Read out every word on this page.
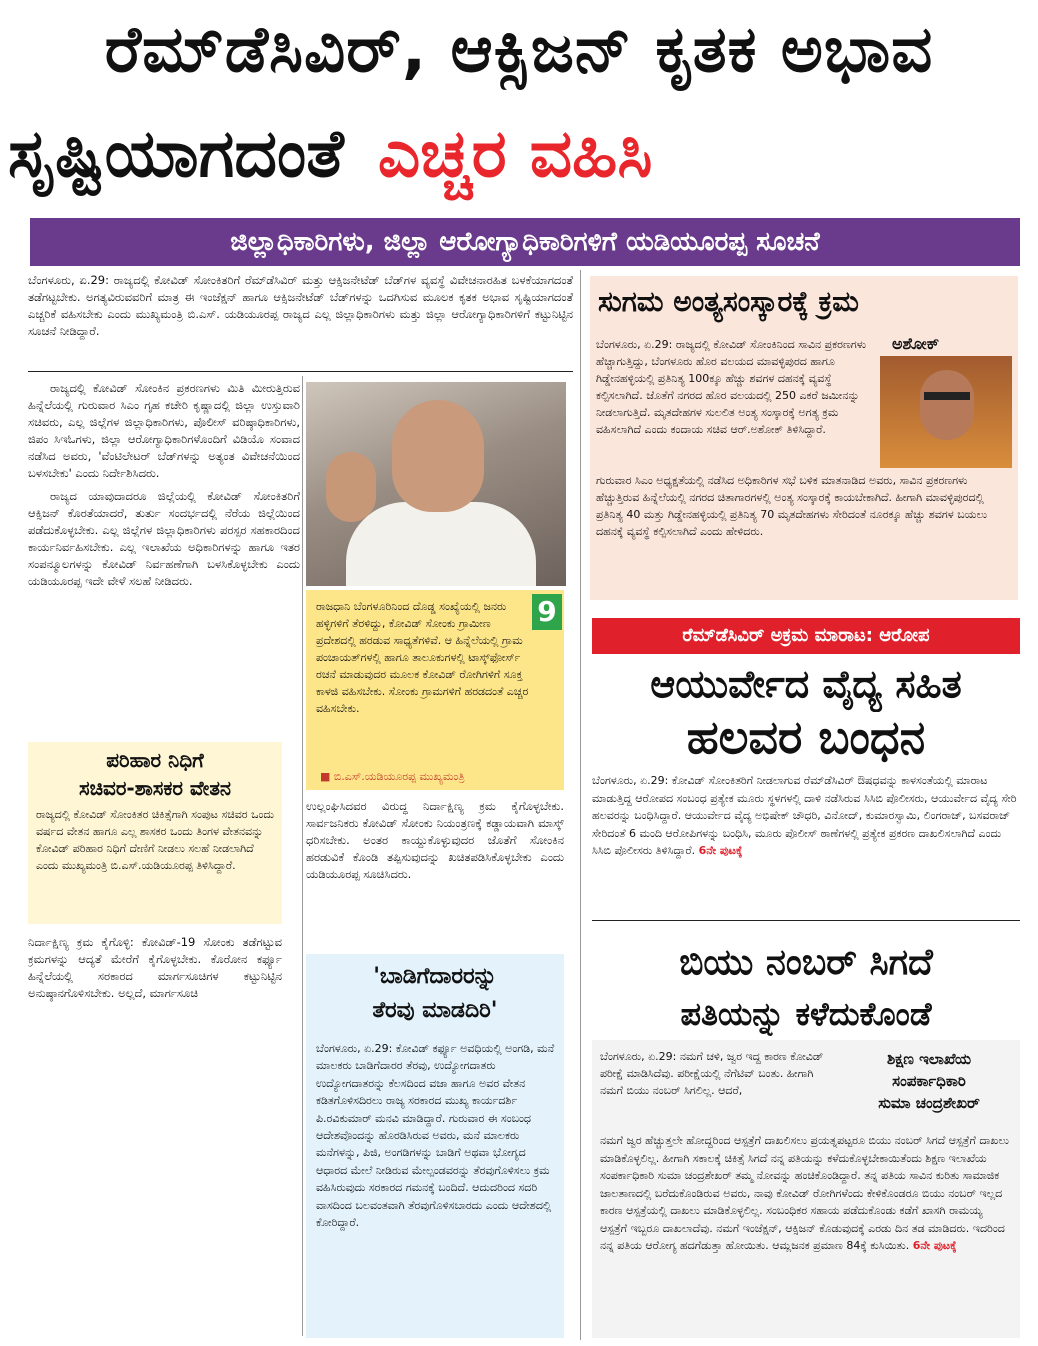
ರೆಮ್‌ಡೆಸಿವಿರ್, ಆಕ್ಸಿಜನ್ ಕೃತಕ ಅಭಾವ
ಸೃಷ್ಟಿಯಾಗದಂತೆ ಎಚ್ಚರ ವಹಿಸಿ
ಜಿಲ್ಲಾಧಿಕಾರಿಗಳು, ಜಿಲ್ಲಾ ಆರೋಗ್ಯಾಧಿಕಾರಿಗಳಿಗೆ ಯಡಿಯೂರಪ್ಪ ಸೂಚನೆ
ಬೆಂಗಳೂರು, ಏ.29: ರಾಜ್ಯದಲ್ಲಿ ಕೋವಿಡ್ ಸೋಂಕಿತರಿಗೆ ರೆಮ್‌ಡೆಸಿವಿರ್ ಮತ್ತು ಆಕ್ಸಿಜನೇಟೆಡ್ ಬೆಡ್‌ಗಳ ವ್ಯವಸ್ಥೆ ವಿವೇಚನಾರಹಿತ ಬಳಕೆಯಾಗದಂತೆ ತಡೆಗಟ್ಟಬೇಕು. ಅಗತ್ಯವಿರುವವರಿಗೆ ಮಾತ್ರ ಈ ಇಂಜೆಕ್ಷನ್ ಹಾಗೂ ಆಕ್ಸಿಜನೇಟೆಡ್ ಬೆಡ್‌ಗಳನ್ನು ಒದಗಿಸುವ ಮೂಲಕ ಕೃತಕ ಅಭಾವ ಸೃಷ್ಟಿಯಾಗದಂತೆ ಎಚ್ಚರಿಕೆ ವಹಿಸಬೇಕು ಎಂದು ಮುಖ್ಯಮಂತ್ರಿ ಬಿ.ಎಸ್. ಯಡಿಯೂರಪ್ಪ ರಾಜ್ಯದ ಎಲ್ಲ ಜಿಲ್ಲಾಧಿಕಾರಿಗಳು ಮತ್ತು ಜಿಲ್ಲಾ ಆರೋಗ್ಯಾಧಿಕಾರಿಗಳಿಗೆ ಕಟ್ಟುನಿಟ್ಟಿನ ಸೂಚನೆ ನೀಡಿದ್ದಾರೆ.

ರಾಜ್ಯದಲ್ಲಿ ಕೋವಿಡ್ ಸೋಂಕಿನ ಪ್ರಕರಣಗಳು ಮಿತಿ ಮೀರುತ್ತಿರುವ ಹಿನ್ನೆಲೆಯಲ್ಲಿ ಗುರುವಾರ ಸಿಎಂ ಗೃಹ ಕಚೇರಿ ಕೃಷ್ಣಾದಲ್ಲಿ ಜಿಲ್ಲಾ ಉಸ್ತುವಾರಿ ಸಚಿವರು, ಎಲ್ಲ ಜಿಲ್ಲೆಗಳ ಜಿಲ್ಲಾಧಿಕಾರಿಗಳು, ಪೊಲೀಸ್ ವರಿಷ್ಠಾಧಿಕಾರಿಗಳು, ಜಿಪಂ ಸಿಇಓಗಳು, ಜಿಲ್ಲಾ ಆರೋಗ್ಯಾಧಿಕಾರಿಗಳೊಂದಿಗೆ ವಿಡಿಯೊ ಸಂವಾದ ನಡೆಸಿದ ಅವರು, 'ವೆಂಟಿಲೇಟರ್ ಬೆಡ್‌ಗಳನ್ನು ಅತ್ಯಂತ ವಿವೇಚನೆಯಿಂದ ಬಳಸಬೇಕು' ಎಂದು ನಿರ್ದೇಶಿಸಿದರು.

ರಾಜ್ಯದ ಯಾವುದಾದರೂ ಜಿಲ್ಲೆಯಲ್ಲಿ ಕೋವಿಡ್ ಸೋಂಕಿತರಿಗೆ ಆಕ್ಸಿಜನ್ ಕೊರತೆಯಾದರೆ, ತುರ್ತು ಸಂದರ್ಭದಲ್ಲಿ ನೆರೆಯ ಜಿಲ್ಲೆಯಿಂದ ಪಡೆದುಕೊಳ್ಳಬೇಕು. ಎಲ್ಲ ಜಿಲ್ಲೆಗಳ ಜಿಲ್ಲಾಧಿಕಾರಿಗಳು ಪರಸ್ಪರ ಸಹಕಾರದಿಂದ ಕಾರ್ಯನಿರ್ವಹಿಸಬೇಕು. ಎಲ್ಲ ಇಲಾಖೆಯ ಅಧಿಕಾರಿಗಳನ್ನು ಹಾಗೂ ಇತರ ಸಂಪನ್ಮೂಲಗಳನ್ನು ಕೋವಿಡ್ ನಿರ್ವಹಣೆಗಾಗಿ ಬಳಸಿಕೊಳ್ಳಬೇಕು ಎಂದು ಯಡಿಯೂರಪ್ಪ ಇದೇ ವೇಳೆ ಸಲಹೆ ನೀಡಿದರು.

9
ರಾಜಧಾನಿ ಬೆಂಗಳೂರಿನಿಂದ ದೊಡ್ಡ ಸಂಖ್ಯೆಯಲ್ಲಿ ಜನರು ಹಳ್ಳಿಗಳಿಗೆ ತೆರಳಿದ್ದು, ಕೋವಿಡ್ ಸೋಂಕು ಗ್ರಾಮೀಣ ಪ್ರದೇಶದಲ್ಲಿ ಹರಡುವ ಸಾಧ್ಯತೆಗಳಿವೆ. ಆ ಹಿನ್ನೆಲೆಯಲ್ಲಿ ಗ್ರಾಮ ಪಂಚಾಯತ್‌ಗಳಲ್ಲಿ ಹಾಗೂ ತಾಲೂಕುಗಳಲ್ಲಿ ಟಾಸ್ಕ್‌ಫೋರ್ಸ್ ರಚನೆ ಮಾಡುವುದರ ಮೂಲಕ ಕೋವಿಡ್ ರೋಗಿಗಳಿಗೆ ಸೂಕ್ತ ಕಾಳಜಿ ವಹಿಸಬೇಕು. ಸೋಂಕು ಗ್ರಾಮಗಳಿಗೆ ಹರಡದಂತೆ ಎಚ್ಚರ ವಹಿಸಬೇಕು.
■ ಬಿ.ಎಸ್.ಯಡಿಯೂರಪ್ಪ ಮುಖ್ಯಮಂತ್ರಿ
ಉಲ್ಲಂಘಿಸಿದವರ ವಿರುದ್ಧ ನಿರ್ದಾಕ್ಷಿಣ್ಯ ಕ್ರಮ ಕೈಗೊಳ್ಳಬೇಕು. ಸಾರ್ವಜನಿಕರು ಕೋವಿಡ್ ಸೋಂಕು ನಿಯಂತ್ರಣಕ್ಕೆ ಕಡ್ಡಾಯವಾಗಿ ಮಾಸ್ಕ್ ಧರಿಸಬೇಕು. ಅಂತರ ಕಾಯ್ದುಕೊಳ್ಳುವುದರ ಜೊತೆಗೆ ಸೋಂಕಿನ ಹರಡುವಿಕೆ ಕೊಂಡಿ ತಪ್ಪಿಸುವುದನ್ನು ಖಚಿತಪಡಿಸಿಕೊಳ್ಳಬೇಕು ಎಂದು ಯಡಿಯೂರಪ್ಪ ಸೂಚಿಸಿದರು.
ಪರಿಹಾರ ನಿಧಿಗೆ
ಸಚಿವರ-ಶಾಸಕರ ವೇತನ
ರಾಜ್ಯದಲ್ಲಿ ಕೋವಿಡ್ ಸೋಂಕಿತರ ಚಿಕಿತ್ಸೆಗಾಗಿ ಸಂಪುಟ ಸಚಿವರ ಒಂದು ವರ್ಷದ ವೇತನ ಹಾಗೂ ಎಲ್ಲ ಶಾಸಕರ ಒಂದು ತಿಂಗಳ ವೇತನವನ್ನು ಕೋವಿಡ್ ಪರಿಹಾರ ನಿಧಿಗೆ ದೇಣಿಗೆ ನೀಡಲು ಸಲಹೆ ನೀಡಲಾಗಿದೆ ಎಂದು ಮುಖ್ಯಮಂತ್ರಿ ಬಿ.ಎಸ್.ಯಡಿಯೂರಪ್ಪ ತಿಳಿಸಿದ್ದಾರೆ.
ನಿರ್ದಾಕ್ಷಿಣ್ಯ ಕ್ರಮ ಕೈಗೊಳ್ಳಿ: ಕೋವಿಡ್-19 ಸೋಂಕು ತಡೆಗಟ್ಟುವ ಕ್ರಮಗಳನ್ನು ಆದ್ಯತೆ ಮೇರೆಗೆ ಕೈಗೊಳ್ಳಬೇಕು. ಕೊರೋನ ಕರ್ಫ್ಯೂ ಹಿನ್ನೆಲೆಯಲ್ಲಿ ಸರಕಾರದ ಮಾರ್ಗಸೂಚಿಗಳ ಕಟ್ಟುನಿಟ್ಟಿನ ಅನುಷ್ಠಾನಗೊಳಿಸಬೇಕು. ಅಲ್ಲದೆ, ಮಾರ್ಗಸೂಚಿ
'ಬಾಡಿಗೆದಾರರನ್ನು
ತೆರವು ಮಾಡದಿರಿ'
ಬೆಂಗಳೂರು, ಏ.29: ಕೋವಿಡ್ ಕರ್ಫ್ಯೂ ಅವಧಿಯಲ್ಲಿ ಅಂಗಡಿ, ಮನೆ ಮಾಲಕರು ಬಾಡಿಗೆದಾರರ ತೆರವು, ಉದ್ಯೋಗದಾತರು ಉದ್ಯೋಗದಾತರನ್ನು ಕೆಲಸದಿಂದ ವಜಾ ಹಾಗೂ ಅವರ ವೇತನ ಕಡಿತಗೊಳಿಸದಿರಲು ರಾಜ್ಯ ಸರಕಾರದ ಮುಖ್ಯ ಕಾರ್ಯದರ್ಶಿ ಪಿ.ರವಿಕುಮಾರ್ ಮನವಿ ಮಾಡಿದ್ದಾರೆ. ಗುರುವಾರ ಈ ಸಂಬಂಧ ಆದೇಶವೊಂದನ್ನು ಹೊರಡಿಸಿರುವ ಅವರು, ಮನೆ ಮಾಲಕರು ಮನೆಗಳನ್ನು, ಪಿಜಿ, ಅಂಗಡಿಗಳನ್ನು ಬಾಡಿಗೆ ಅಥವಾ ಭೋಗ್ಯದ ಆಧಾರದ ಮೇಲೆ ನೀಡಿರುವ ಮೇಲ್ಪಂಡವರನ್ನು ತೆರವುಗೊಳಿಸಲು ಕ್ರಮ ವಹಿಸಿರುವುದು ಸರಕಾರದ ಗಮನಕ್ಕೆ ಬಂದಿದೆ. ಆದುದರಿಂದ ಸದರಿ ವಾಸದಿಂದ ಬಲವಂತವಾಗಿ ತೆರವುಗೊಳಿಸಬಾರದು ಎಂದು ಆದೇಶದಲ್ಲಿ ಕೋರಿದ್ದಾರೆ.
ಸುಗಮ ಅಂತ್ಯಸಂಸ್ಕಾರಕ್ಕೆ ಕ್ರಮ
ಅಶೋಕ್
ಬೆಂಗಳೂರು, ಏ.29: ರಾಜ್ಯದಲ್ಲಿ ಕೋವಿಡ್ ಸೋಂಕಿನಿಂದ ಸಾವಿನ ಪ್ರಕರಣಗಳು ಹೆಚ್ಚಾಗುತ್ತಿದ್ದು, ಬೆಂಗಳೂರು ಹೊರ ವಲಯದ ಮಾವಳ್ಳಿಪುರದ ಹಾಗೂ ಗಿಡ್ಡೇನಹಳ್ಳಿಯಲ್ಲಿ ಪ್ರತಿನಿತ್ಯ 100ಕ್ಕೂ ಹೆಚ್ಚು ಶವಗಳ ದಹನಕ್ಕೆ ವ್ಯವಸ್ಥೆ ಕಲ್ಪಿಸಲಾಗಿದೆ. ಜೊತೆಗೆ ನಗರದ ಹೊರ ವಲಯದಲ್ಲಿ 250 ಎಕರೆ ಜಮೀನನ್ನು ನೀಡಲಾಗುತ್ತಿದೆ. ಮೃತದೇಹಗಳ ಸುಲಲಿತ ಅಂತ್ಯ ಸಂಸ್ಕಾರಕ್ಕೆ ಅಗತ್ಯ ಕ್ರಮ ವಹಿಸಲಾಗಿದೆ ಎಂದು ಕಂದಾಯ ಸಚಿವ ಆರ್.ಅಶೋಕ್ ತಿಳಿಸಿದ್ದಾರೆ.
ಗುರುವಾರ ಸಿಎಂ ಅಧ್ಯಕ್ಷತೆಯಲ್ಲಿ ನಡೆಸಿದ ಅಧಿಕಾರಿಗಳ ಸಭೆ ಬಳಿಕ ಮಾತನಾಡಿದ ಅವರು, ಸಾವಿನ ಪ್ರಕರಣಗಳು ಹೆಚ್ಚುತ್ತಿರುವ ಹಿನ್ನೆಲೆಯಲ್ಲಿ ನಗರದ ಚಿತಾಗಾರಗಳಲ್ಲಿ ಅಂತ್ಯ ಸಂಸ್ಕಾರಕ್ಕೆ ಕಾಯಬೇಕಾಗಿದೆ. ಹೀಗಾಗಿ ಮಾವಳ್ಳಿಪುರದಲ್ಲಿ ಪ್ರತಿನಿತ್ಯ 40 ಮತ್ತು ಗಿಡ್ಡೇನಹಳ್ಳಿಯಲ್ಲಿ ಪ್ರತಿನಿತ್ಯ 70 ಮೃತದೇಹಗಳು ಸೇರಿದಂತೆ ನೂರಕ್ಕೂ ಹೆಚ್ಚು ಶವಗಳ ಬಯಲು ದಹನಕ್ಕೆ ವ್ಯವಸ್ಥೆ ಕಲ್ಪಿಸಲಾಗಿದೆ ಎಂದು ಹೇಳಿದರು.
ರೆಮ್‌ಡೆಸಿವಿರ್ ಅಕ್ರಮ ಮಾರಾಟ: ಆರೋಪ
ಆಯುರ್ವೇದ ವೈದ್ಯ ಸಹಿತ
ಹಲವರ ಬಂಧನ
ಬೆಂಗಳೂರು, ಏ.29: ಕೋವಿಡ್ ಸೋಂಕಿತರಿಗೆ ನೀಡಲಾಗುವ ರೆಮ್‌ಡೆಸಿವಿರ್ ಔಷಧವನ್ನು ಕಾಳಸಂತೆಯಲ್ಲಿ ಮಾರಾಟ ಮಾಡುತ್ತಿದ್ದ ಆರೋಪದ ಸಂಬಂಧ ಪ್ರತ್ಯೇಕ ಮೂರು ಸ್ಥಳಗಳಲ್ಲಿ ದಾಳಿ ನಡೆಸಿರುವ ಸಿಸಿಬಿ ಪೊಲೀಸರು, ಆಯುರ್ವೇದ ವೈದ್ಯ ಸೇರಿ ಹಲವರನ್ನು ಬಂಧಿಸಿದ್ದಾರೆ. ಆಯುರ್ವೇದ ವೈದ್ಯ ಅಭಿಷೇಕ್ ಚೌಧರಿ, ವಿನೋದ್, ಕುಮಾರಸ್ವಾಮಿ, ಲಿಂಗರಾಜ್, ಬಸವರಾಜ್ ಸೇರಿದಂತೆ 6 ಮಂದಿ ಆರೋಪಿಗಳನ್ನು ಬಂಧಿಸಿ, ಮೂರು ಪೊಲೀಸ್ ಠಾಣೆಗಳಲ್ಲಿ ಪ್ರತ್ಯೇಕ ಪ್ರಕರಣ ದಾಖಲಿಸಲಾಗಿದೆ ಎಂದು ಸಿಸಿಬಿ ಪೊಲೀಸರು ತಿಳಿಸಿದ್ದಾರೆ. 6ನೇ ಪುಟಕ್ಕೆ
ಬಿಯು ನಂಬರ್ ಸಿಗದೆ
ಪತಿಯನ್ನು ಕಳೆದುಕೊಂಡೆ
ಬೆಂಗಳೂರು, ಏ.29: ನಮಗೆ ಚಳಿ, ಜ್ವರ ಇದ್ದ ಕಾರಣ ಕೋವಿಡ್ ಪರೀಕ್ಷೆ ಮಾಡಿಸಿದೆವು. ಪರೀಕ್ಷೆಯಲ್ಲಿ ನೆಗೆಟಿವ್ ಬಂತು. ಹೀಗಾಗಿ ನಮಗೆ ಬಿಯು ನಂಬರ್ ಸಿಗಲಿಲ್ಲ. ಆದರೆ,
ಶಿಕ್ಷಣ ಇಲಾಖೆಯ
ಸಂಪರ್ಕಾಧಿಕಾರಿ
ಸುಮಾ ಚಂದ್ರಶೇಖರ್
ನಮಗೆ ಜ್ವರ ಹೆಚ್ಚುತ್ತಲೇ ಹೋದ್ದರಿಂದ ಆಸ್ಪತ್ರೆಗೆ ದಾಖಲಿಸಲು ಪ್ರಯತ್ನಪಟ್ಟರೂ ಬಿಯು ನಂಬರ್ ಸಿಗದೆ ಆಸ್ಪತ್ರೆಗೆ ದಾಖಲು ಮಾಡಿಕೊಳ್ಳಲಿಲ್ಲ. ಹೀಗಾಗಿ ಸಕಾಲಕ್ಕೆ ಚಿಕಿತ್ಸೆ ಸಿಗದೆ ನನ್ನ ಪತಿಯನ್ನು ಕಳೆದುಕೊಳ್ಳಬೇಕಾಯಿತೆಂದು ಶಿಕ್ಷಣ ಇಲಾಖೆಯ ಸಂಪರ್ಕಾಧಿಕಾರಿ ಸುಮಾ ಚಂದ್ರಶೇಖರ್ ತಮ್ಮ ನೋವನ್ನು ಹಂಚಿಕೊಂಡಿದ್ದಾರೆ. ತನ್ನ ಪತಿಯ ಸಾವಿನ ಕುರಿತು ಸಾಮಾಜಿಕ ಜಾಲತಾಣದಲ್ಲಿ ಬರೆದುಕೊಂಡಿರುವ ಅವರು, ನಾವು ಕೋವಿಡ್ ರೋಗಿಗಳೆಂದು ಕೇಳಿಕೊಂಡರೂ ಬಿಯು ನಂಬರ್ ಇಲ್ಲದ ಕಾರಣ ಆಸ್ಪತ್ರೆಯಲ್ಲಿ ದಾಖಲು ಮಾಡಿಕೊಳ್ಳಲಿಲ್ಲ. ಸಂಬಂಧಿಕರ ಸಹಾಯ ಪಡೆದುಕೊಂಡು ಕಡೆಗೆ ಖಾಸಗಿ ರಾಮಯ್ಯ ಆಸ್ಪತ್ರೆಗೆ ಇಬ್ಬರೂ ದಾಖಲಾದೆವು. ನಮಗೆ ಇಂಜೆಕ್ಷನ್, ಆಕ್ಸಿಜನ್ ಕೊಡುವುದಕ್ಕೆ ಎರಡು ದಿನ ತಡ ಮಾಡಿದರು. ಇದರಿಂದ ನನ್ನ ಪತಿಯ ಆರೋಗ್ಯ ಹದಗೆಡುತ್ತಾ ಹೋಯಿತು. ಆಮ್ಲಜನಕ ಪ್ರಮಾಣ 84ಕ್ಕೆ ಕುಸಿಯಿತು. 6ನೇ ಪುಟಕ್ಕೆ
